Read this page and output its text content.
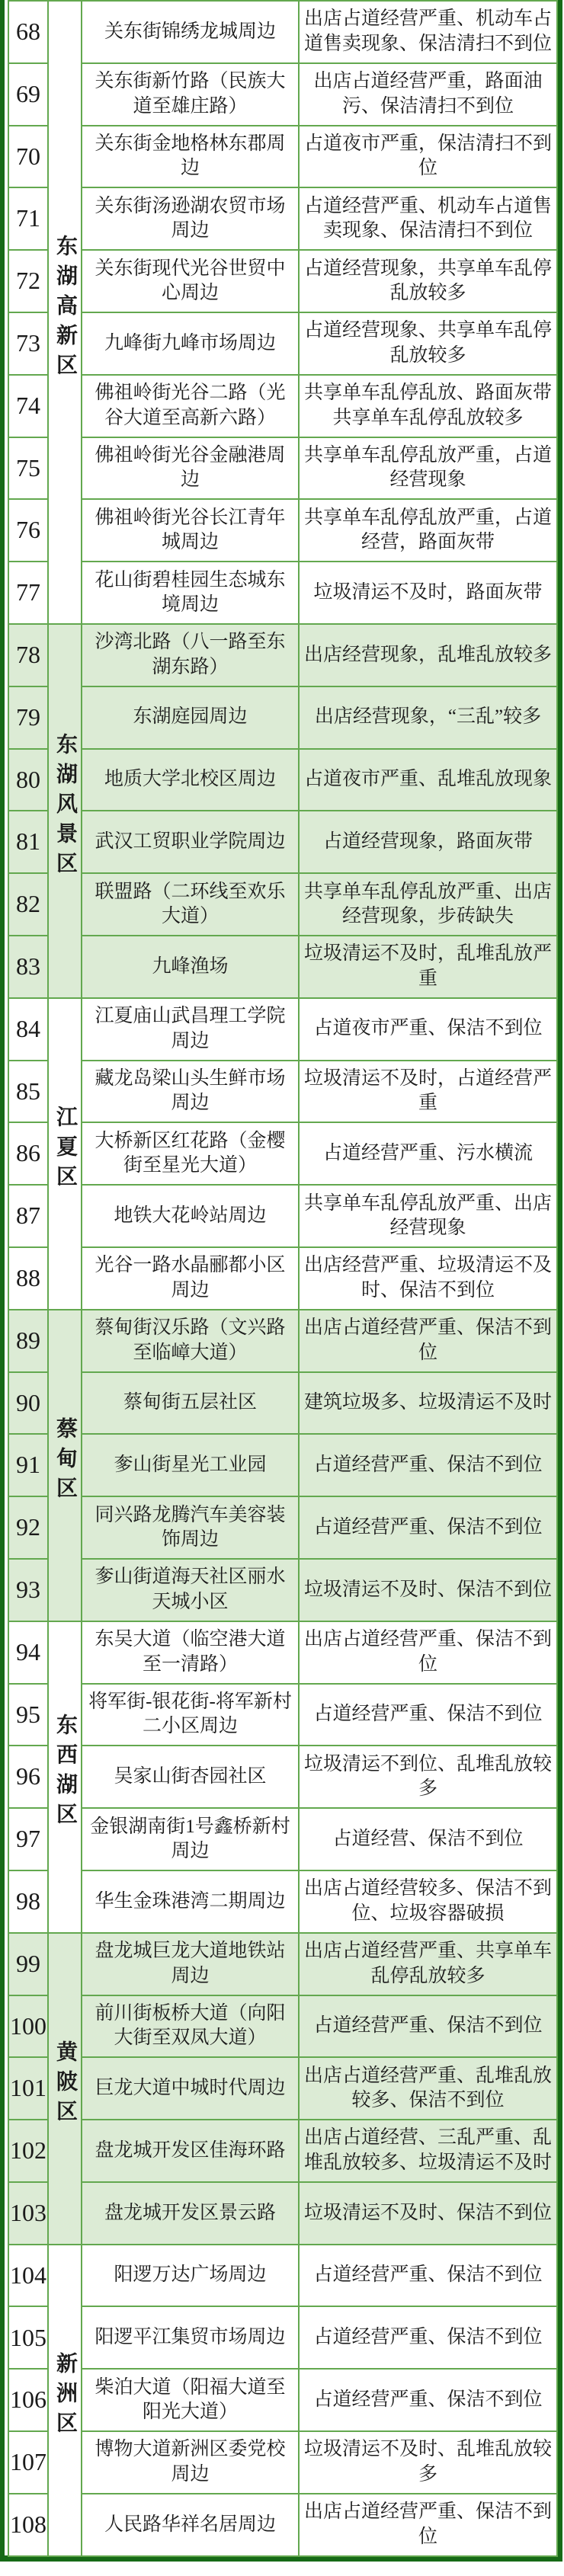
68	东湖高新区	关东街锦绣龙城周边	出店占道经营严重、机动车占道售卖现象、保洁清扫不到位
69		关东街新竹路（民族大道至雄庄路）	出店占道经营严重，路面油污、保洁清扫不到位
70		关东街金地格林东郡周边	占道夜市严重，保洁清扫不到位
71		关东街汤逊湖农贸市场周边	占道经营严重、机动车占道售卖现象、保洁清扫不到位
72		关东街现代光谷世贸中心周边	占道经营现象，共享单车乱停乱放较多
73		九峰街九峰市场周边	占道经营现象、共享单车乱停乱放较多
74		佛祖岭街光谷二路（光谷大道至高新六路）	共享单车乱停乱放、路面灰带共享单车乱停乱放较多
75		佛祖岭街光谷金融港周边	共享单车乱停乱放严重，占道经营现象
76		佛祖岭街光谷长江青年城周边	共享单车乱停乱放严重，占道经营，路面灰带
77		花山街碧桂园生态城东境周边	垃圾清运不及时，路面灰带
78	东湖风景区	沙湾北路（八一路至东湖东路）	出店经营现象，乱堆乱放较多
79		东湖庭园周边	出店经营现象，“三乱”较多
80		地质大学北校区周边	占道夜市严重、乱堆乱放现象
81		武汉工贸职业学院周边	占道经营现象，路面灰带
82		联盟路（二环线至欢乐大道）	共享单车乱停乱放严重、出店经营现象，步砖缺失
83		九峰渔场	垃圾清运不及时，乱堆乱放严重
84	江夏区	江夏庙山武昌理工学院周边	占道夜市严重、保洁不到位
85		藏龙岛梁山头生鲜市场周边	垃圾清运不及时，占道经营严重
86		大桥新区红花路（金樱街至星光大道）	占道经营严重、污水横流
87		地铁大花岭站周边	共享单车乱停乱放严重、出店经营现象
88		光谷一路水晶郦都小区周边	出店经营严重、垃圾清运不及时、保洁不到位
89	蔡甸区	蔡甸街汉乐路（文兴路至临嶂大道）	出店占道经营严重、保洁不到位
90		蔡甸街五层社区	建筑垃圾多、垃圾清运不及时
91		奓山街星光工业园	占道经营严重、保洁不到位
92		同兴路龙腾汽车美容装饰周边	占道经营严重、保洁不到位
93		奓山街道海天社区丽水天城小区	垃圾清运不及时、保洁不到位
94	东西湖区	东吴大道（临空港大道至一清路）	出店占道经营严重、保洁不到位
95		将军街-银花街-将军新村二小区周边	占道经营严重、保洁不到位
96		吴家山街杏园社区	垃圾清运不到位、乱堆乱放较多
97		金银湖南街1号鑫桥新村周边	占道经营、保洁不到位
98		华生金珠港湾二期周边	出店占道经营较多、保洁不到位、垃圾容器破损
99	黄陂区	盘龙城巨龙大道地铁站周边	出店占道经营严重、共享单车乱停乱放较多
100		前川街板桥大道（向阳大街至双凤大道）	占道经营严重、保洁不到位
101		巨龙大道中城时代周边	出店占道经营严重、乱堆乱放较多、保洁不到位
102		盘龙城开发区佳海环路	出店占道经营、三乱严重、乱堆乱放较多、垃圾清运不及时
103		盘龙城开发区景云路	垃圾清运不及时、保洁不到位
104	新洲区	阳逻万达广场周边	占道经营严重、保洁不到位
105		阳逻平江集贸市场周边	占道经营严重、保洁不到位
106		柴泊大道（阳福大道至阳光大道）	占道经营严重、保洁不到位
107		博物大道新洲区委党校周边	垃圾清运不及时、乱堆乱放较多
108		人民路华祥名居周边	出店占道经营严重、保洁不到位
